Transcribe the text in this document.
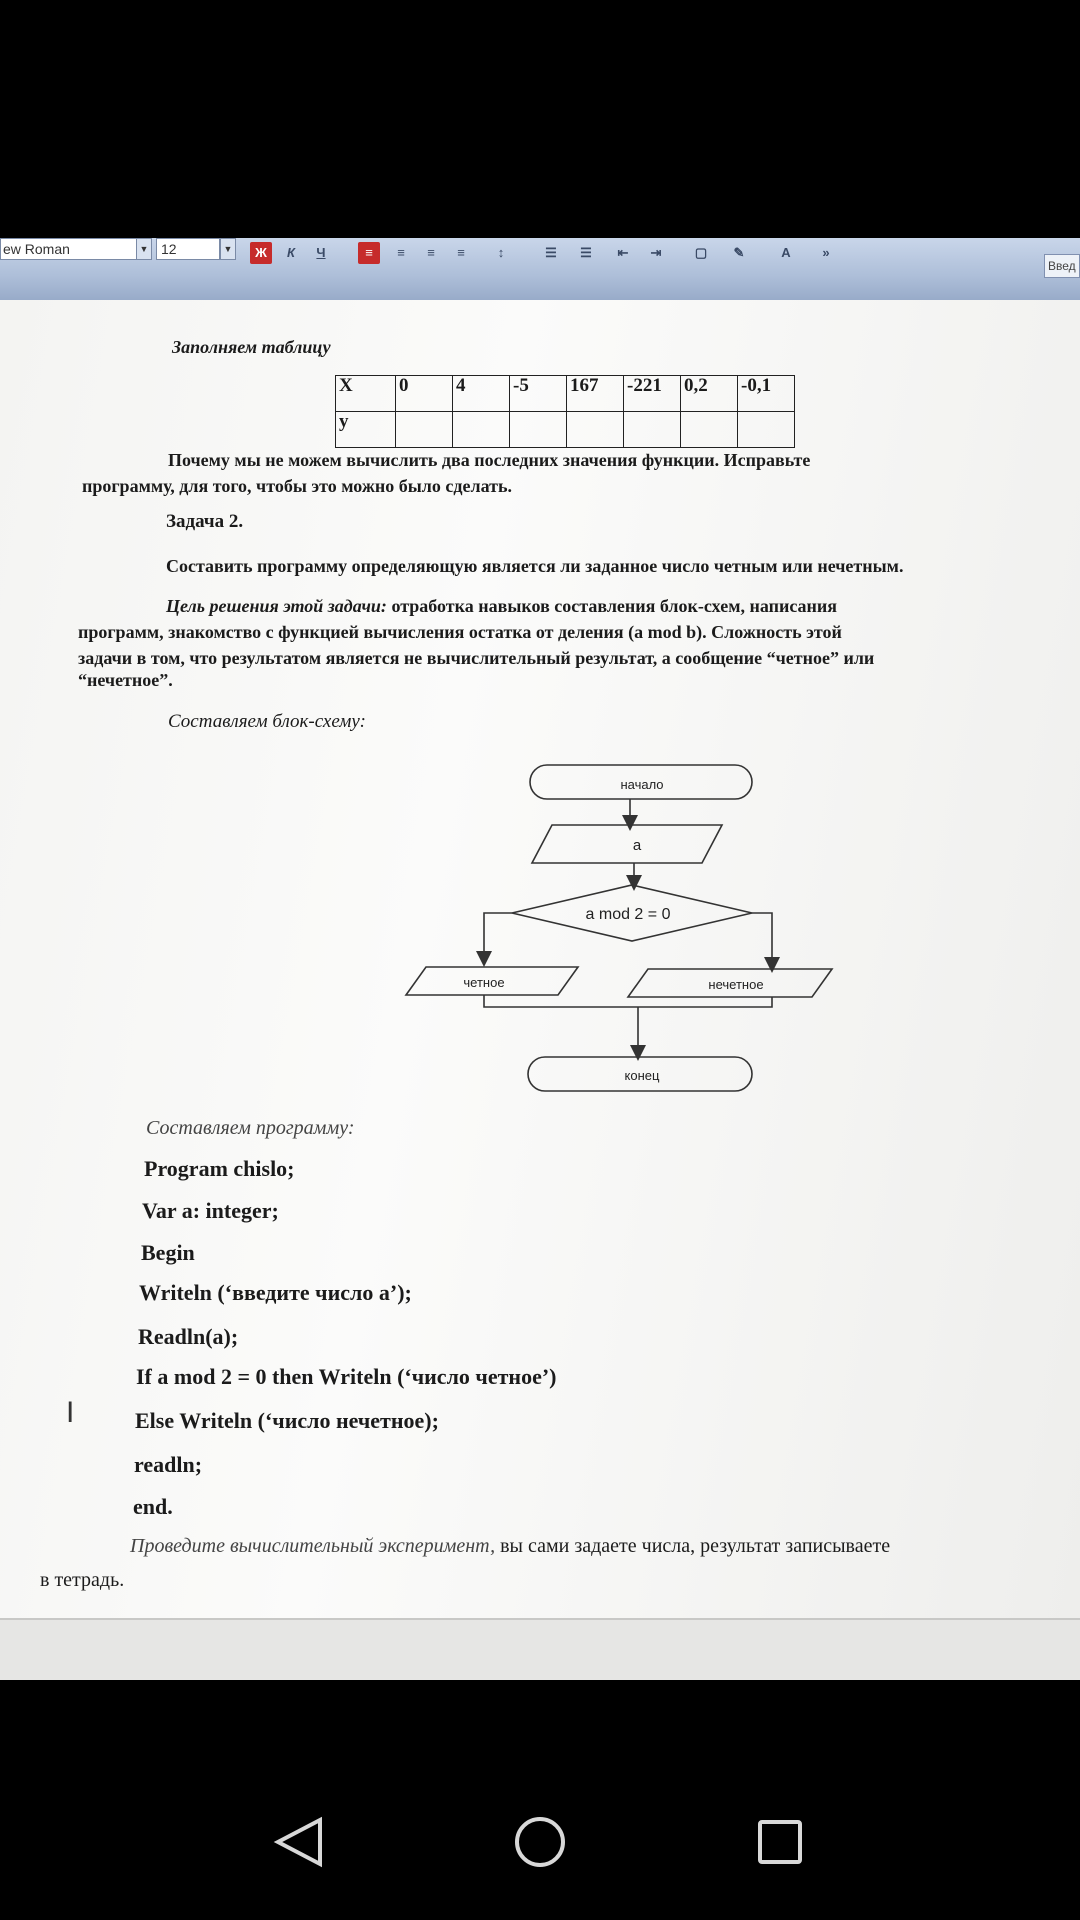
ew Roman	▼ 12	▼	Ж	К	Ч	≡	≡	≡	≡	↕	☰	☰	⇤	⇥	▢	✎	A	»
Введ
Заполняем таблицу
X	0	4	-5	167	-221	0,2	-0,1
y							
Почему мы не можем вычислить два последних значения функции. Исправьте
программу, для того, чтобы это можно было сделать.
Задача 2.
Составить программу определяющую является ли заданное число четным или нечетным.
Цель решения этой задачи: отработка навыков составления блок-схем, написания
программ, знакомство с функцией вычисления остатка от деления (a mod b). Сложность этой
задачи в том, что результатом является не вычислительный результат, а сообщение “четное” или
“нечетное”.
Составляем блок-схему:
начало
a
a mod 2 = 0
четное	нечетное
конец
Составляем программу:
Program chislo;
Var a: integer;
Begin
Writeln (‘введите число а’);
Readln(a);
If a mod 2 = 0 then Writeln (‘число четное’)
Else Writeln (‘число нечетное);
readln;
end.
I
Проведите вычислительный эксперимент, вы сами задаете числа, результат записываете
в тетрадь.
